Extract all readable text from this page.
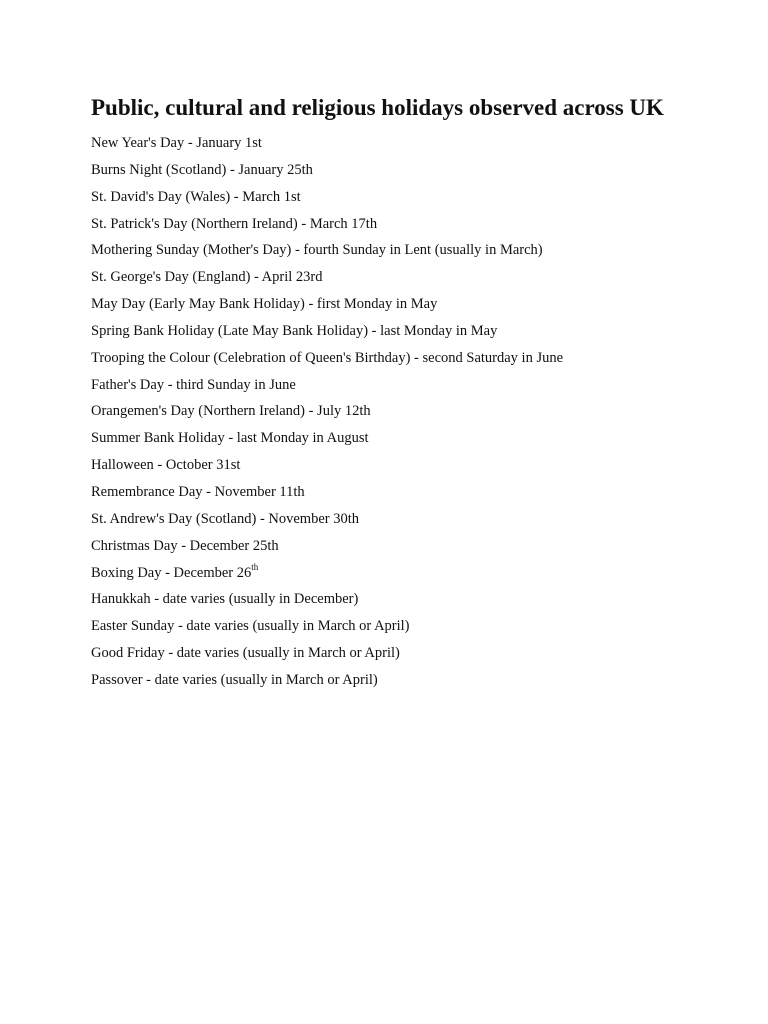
Public, cultural and religious holidays observed across UK
New Year's Day - January 1st
Burns Night (Scotland) - January 25th
St. David's Day (Wales) - March 1st
St. Patrick's Day (Northern Ireland) - March 17th
Mothering Sunday (Mother's Day) - fourth Sunday in Lent (usually in March)
St. George's Day (England) - April 23rd
May Day (Early May Bank Holiday) - first Monday in May
Spring Bank Holiday (Late May Bank Holiday) - last Monday in May
Trooping the Colour (Celebration of Queen's Birthday) - second Saturday in June
Father's Day - third Sunday in June
Orangemen's Day (Northern Ireland) - July 12th
Summer Bank Holiday - last Monday in August
Halloween - October 31st
Remembrance Day - November 11th
St. Andrew's Day (Scotland) - November 30th
Christmas Day - December 25th
Boxing Day - December 26th
Hanukkah - date varies (usually in December)
Easter Sunday - date varies (usually in March or April)
Good Friday - date varies (usually in March or April)
Passover - date varies (usually in March or April)
